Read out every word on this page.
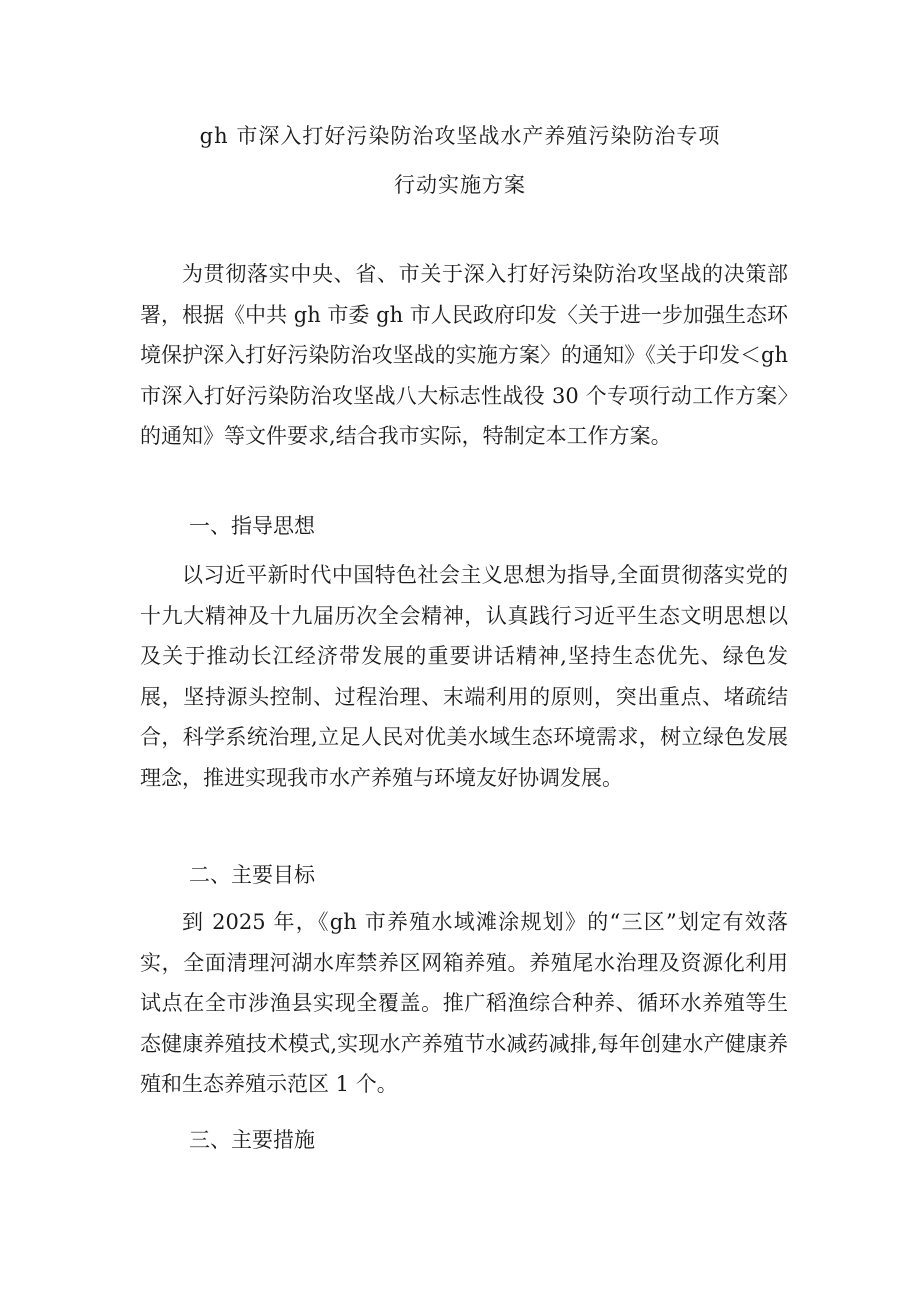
gh 市深入打好污染防治攻坚战水产养殖污染防治专项
行动实施方案

为贯彻落实中央、省、市关于深入打好污染防治攻坚战的决策部署，根据《中共 gh 市委 gh 市人民政府印发〈关于进一步加强生态环境保护深入打好污染防治攻坚战的实施方案〉的通知》《关于印发＜gh 市深入打好污染防治攻坚战八大标志性战役 30 个专项行动工作方案〉的通知》等文件要求,结合我市实际，特制定本工作方案。

一、指导思想

以习近平新时代中国特色社会主义思想为指导,全面贯彻落实党的十九大精神及十九届历次全会精神，认真践行习近平生态文明思想以及关于推动长江经济带发展的重要讲话精神,坚持生态优先、绿色发展，坚持源头控制、过程治理、末端利用的原则，突出重点、堵疏结合，科学系统治理,立足人民对优美水域生态环境需求，树立绿色发展理念，推进实现我市水产养殖与环境友好协调发展。

二、主要目标

到 2025 年，《gh 市养殖水域滩涂规划》的“三区”划定有效落实，全面清理河湖水库禁养区网箱养殖。养殖尾水治理及资源化利用试点在全市涉渔县实现全覆盖。推广稻渔综合种养、循环水养殖等生态健康养殖技术模式,实现水产养殖节水减药减排,每年创建水产健康养殖和生态养殖示范区 1 个。

三、主要措施
